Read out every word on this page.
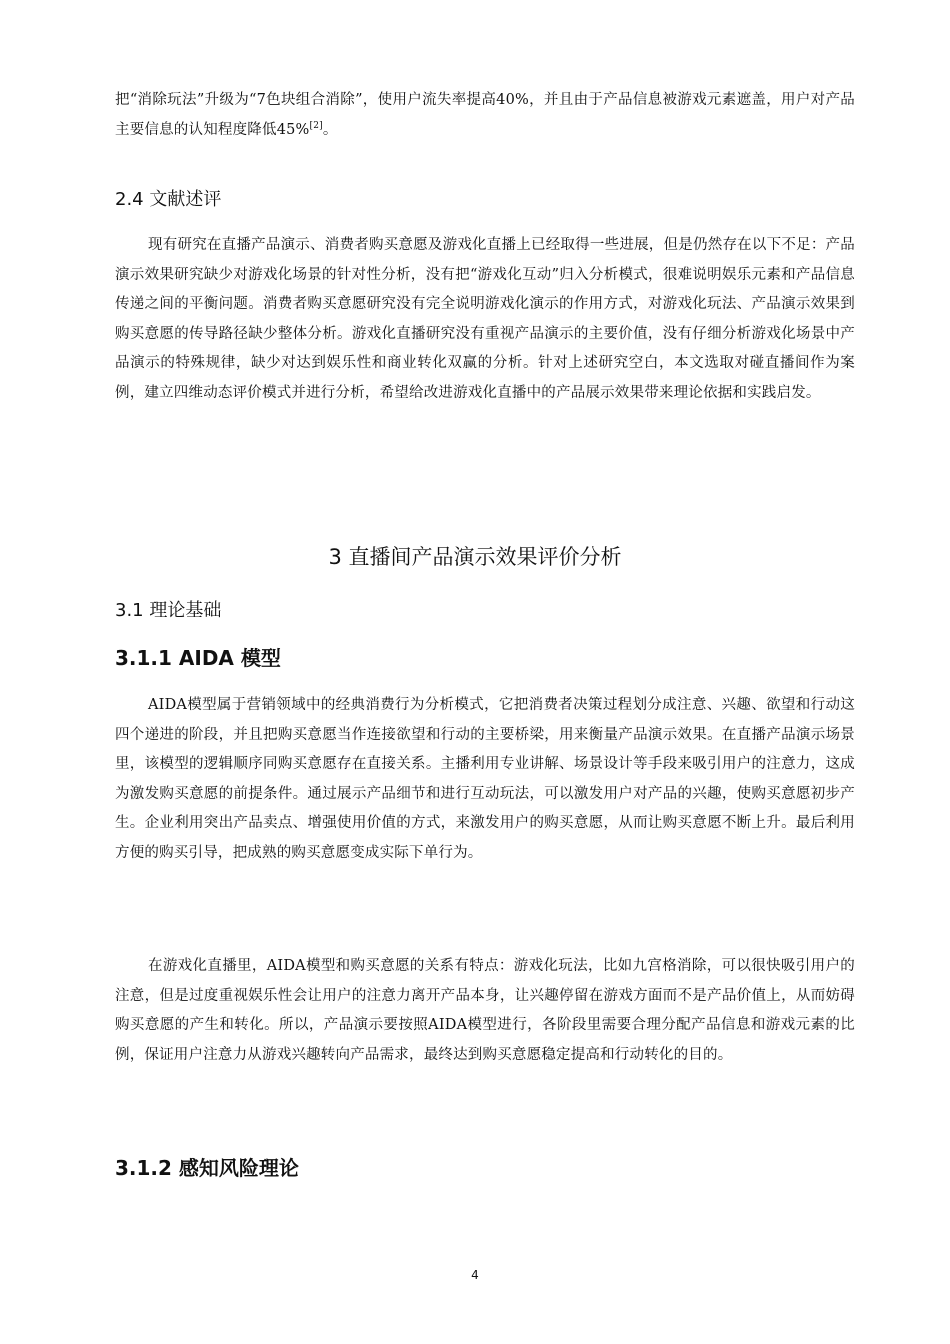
把“消除玩法”升级为“7色块组合消除”，使用户流失率提高40%，并且由于产品信息被游戏元素遮盖，用户对产品主要信息的认知程度降低45%[2]。

2.4 文献述评

现有研究在直播产品演示、消费者购买意愿及游戏化直播上已经取得一些进展，但是仍然存在以下不足：产品演示效果研究缺少对游戏化场景的针对性分析，没有把“游戏化互动”归入分析模式，很难说明娱乐元素和产品信息传递之间的平衡问题。消费者购买意愿研究没有完全说明游戏化演示的作用方式，对游戏化玩法、产品演示效果到购买意愿的传导路径缺少整体分析。游戏化直播研究没有重视产品演示的主要价值，没有仔细分析游戏化场景中产品演示的特殊规律，缺少对达到娱乐性和商业转化双赢的分析。针对上述研究空白，本文选取对碰直播间作为案例，建立四维动态评价模式并进行分析，希望给改进游戏化直播中的产品展示效果带来理论依据和实践启发。

3 直播间产品演示效果评价分析
3.1 理论基础
3.1.1 AIDA 模型

AIDA模型属于营销领域中的经典消费行为分析模式，它把消费者决策过程划分成注意、兴趣、欲望和行动这四个递进的阶段，并且把购买意愿当作连接欲望和行动的主要桥梁，用来衡量产品演示效果。在直播产品演示场景里，该模型的逻辑顺序同购买意愿存在直接关系。主播利用专业讲解、场景设计等手段来吸引用户的注意力，这成为激发购买意愿的前提条件。通过展示产品细节和进行互动玩法，可以激发用户对产品的兴趣，使购买意愿初步产生。企业利用突出产品卖点、增强使用价值的方式，来激发用户的购买意愿，从而让购买意愿不断上升。最后利用方便的购买引导，把成熟的购买意愿变成实际下单行为。

在游戏化直播里，AIDA模型和购买意愿的关系有特点：游戏化玩法，比如九宫格消除，可以很快吸引用户的注意，但是过度重视娱乐性会让用户的注意力离开产品本身，让兴趣停留在游戏方面而不是产品价值上，从而妨碍购买意愿的产生和转化。所以，产品演示要按照AIDA模型进行，各阶段里需要合理分配产品信息和游戏元素的比例，保证用户注意力从游戏兴趣转向产品需求，最终达到购买意愿稳定提高和行动转化的目的。

3.1.2 感知风险理论
4
